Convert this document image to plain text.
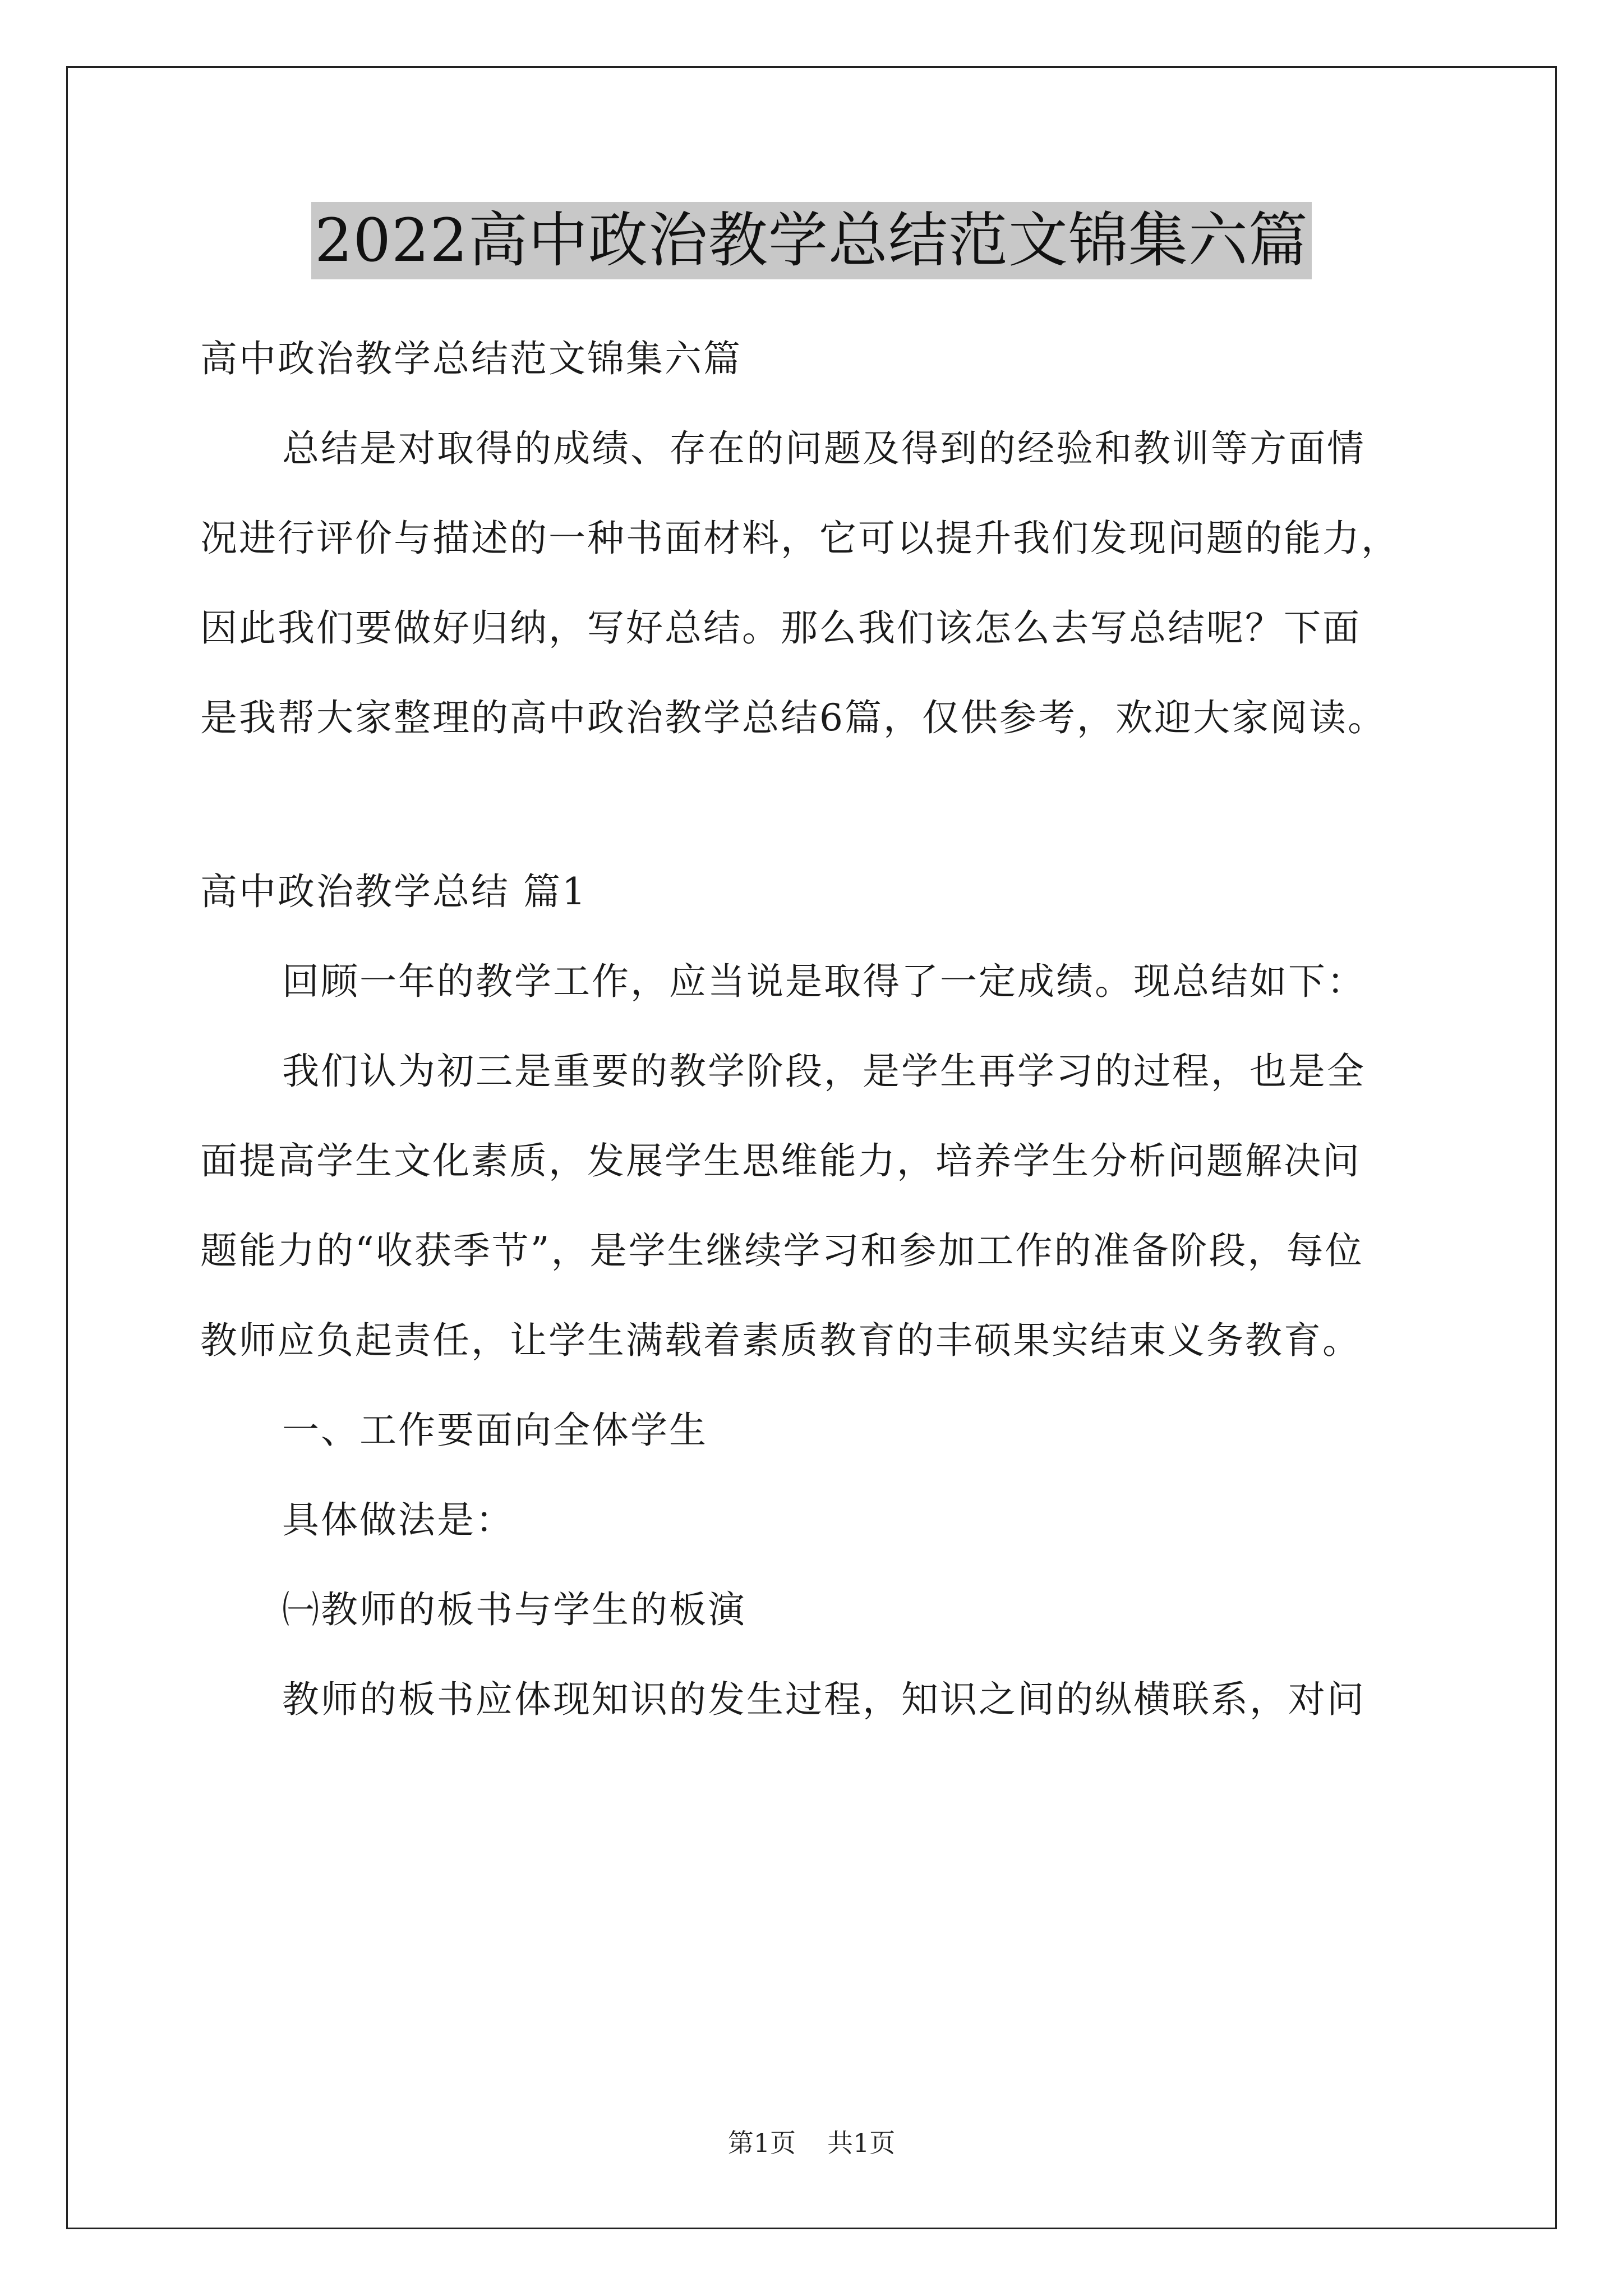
2022高中政治教学总结范文锦集六篇

高中政治教学总结范文锦集六篇

总结是对取得的成绩、存在的问题及得到的经验和教训等方面情

况进行评价与描述的一种书面材料，它可以提升我们发现问题的能力，

因此我们要做好归纳，写好总结。那么我们该怎么去写总结呢？下面

是我帮大家整理的高中政治教学总结6篇，仅供参考，欢迎大家阅读。

高中政治教学总结 篇1

回顾一年的教学工作，应当说是取得了一定成绩。现总结如下：

我们认为初三是重要的教学阶段，是学生再学习的过程，也是全

面提高学生文化素质，发展学生思维能力，培养学生分析问题解决问

题能力的“收获季节”，是学生继续学习和参加工作的准备阶段，每位

教师应负起责任，让学生满载着素质教育的丰硕果实结束义务教育。

一、工作要面向全体学生

具体做法是：

㈠教师的板书与学生的板演

教师的板书应体现知识的发生过程，知识之间的纵横联系，对问

第1页 共1页
